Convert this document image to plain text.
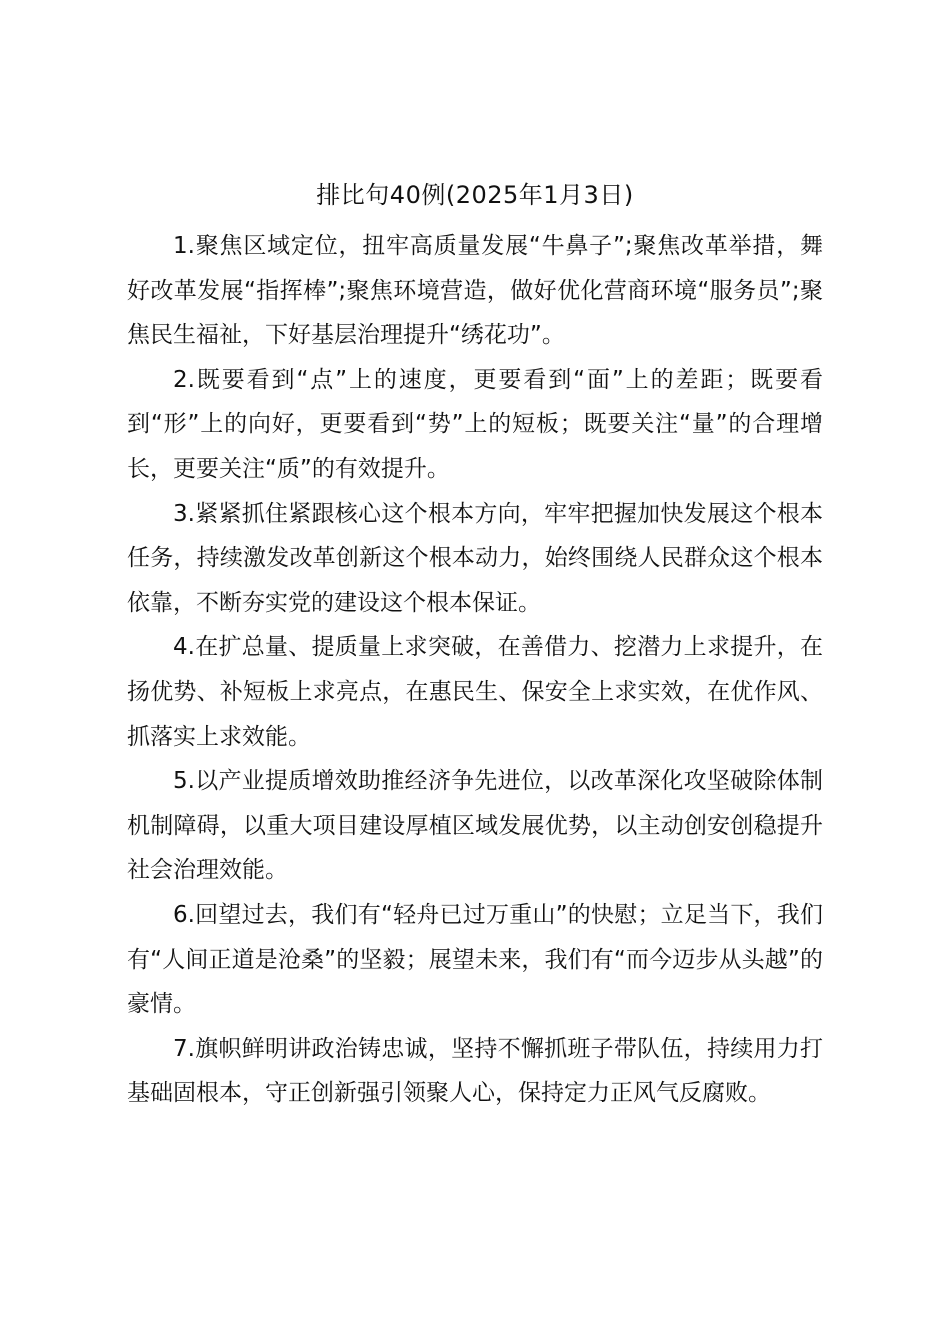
排比句40例(2025年1月3日)

1.聚焦区域定位，扭牢高质量发展“牛鼻子”;聚焦改革举措，舞好改革发展“指挥棒”;聚焦环境营造，做好优化营商环境“服务员”;聚焦民生福祉，下好基层治理提升“绣花功”。

2.既要看到“点”上的速度，更要看到“面”上的差距；既要看到“形”上的向好，更要看到“势”上的短板；既要关注“量”的合理增长，更要关注“质”的有效提升。

3.紧紧抓住紧跟核心这个根本方向，牢牢把握加快发展这个根本任务，持续激发改革创新这个根本动力，始终围绕人民群众这个根本依靠，不断夯实党的建设这个根本保证。

4.在扩总量、提质量上求突破，在善借力、挖潜力上求提升，在扬优势、补短板上求亮点，在惠民生、保安全上求实效，在优作风、抓落实上求效能。

5.以产业提质增效助推经济争先进位，以改革深化攻坚破除体制机制障碍，以重大项目建设厚植区域发展优势，以主动创安创稳提升社会治理效能。

6.回望过去，我们有“轻舟已过万重山”的快慰；立足当下，我们有“人间正道是沧桑”的坚毅；展望未来，我们有“而今迈步从头越”的豪情。

7.旗帜鲜明讲政治铸忠诚，坚持不懈抓班子带队伍，持续用力打基础固根本，守正创新强引领聚人心，保持定力正风气反腐败。
